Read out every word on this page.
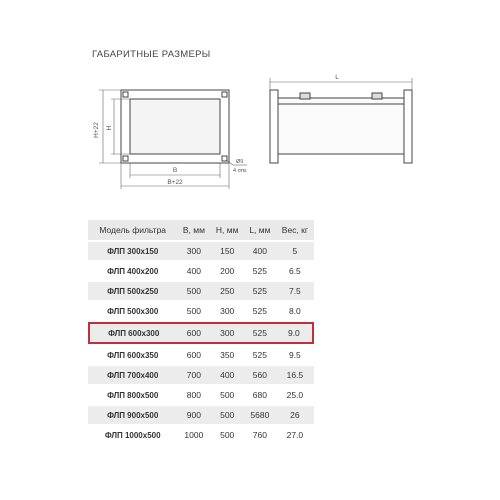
ГАБАРИТНЫЕ РАЗМЕРЫ
H+22 H
B
B+22
Ø9
4 отв.
L
Модель фильтра	B, мм	H, мм	L, мм	Вес, кг
ФЛП 300x150	300	150	400	5
ФЛП 400x200	400	200	525	6.5
ФЛП 500x250	500	250	525	7.5
ФЛП 500x300	500	300	525	8.0
ФЛП 600x300	600	300	525	9.0
ФЛП 600x350	600	350	525	9.5
ФЛП 700x400	700	400	560	16.5
ФЛП 800x500	800	500	680	25.0
ФЛП 900x500	900	500	5680	26
ФЛП 1000x500	1000	500	760	27.0
